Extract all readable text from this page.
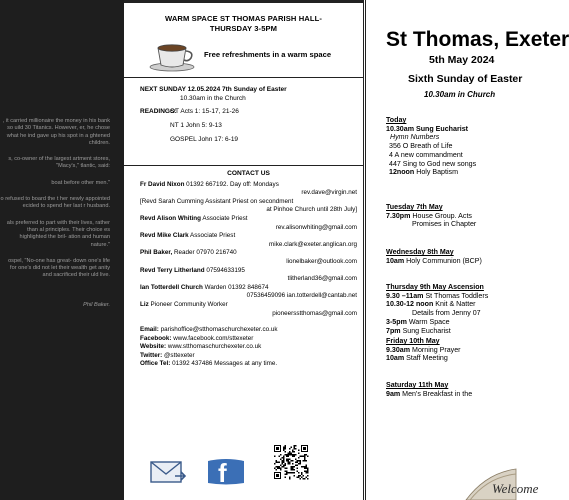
, it carried millionaire the money in his bank so uild 30 Titanics. However, er, he chose what he ind gave up his spot in a ghtened children.

s, co-owner of the largest artment stores, "Macy's," tlantic, said:

boat before other men."

o refused to board the t her newly appointed ecided to spend her last r husband.

als preferred to part with their lives, rather than al principles. Their choice es highlighted the bril- ation and human nature."

ospel, "No-one has great- down one's life for one's did not let their wealth get anity and sacrificed their uld live.

Phil Baker.

WARM SPACE ST THOMAS PARISH HALL-
THURSDAY 3-5PM
Free refreshments in a warm space
NEXT SUNDAY 12.05.2024 7th Sunday of Easter
10.30am in the Church
READINGS:
OT Acts 1: 15-17, 21-26
NT 1 John 5: 9-13
GOSPEL John 17: 6-19
CONTACT US
Fr David Nixon 01392 667192. Day off: Mondays
rev.dave@virgin.net
[Revd Sarah Cumming Assistant Priest on secondment
at Pinhoe Church until 28th July]
Revd Alison Whiting Associate Priest
rev.alisonwhiting@gmail.com
Revd Mike Clark Associate Priest
mike.clark@exeter.anglican.org
Phil Baker, Reader 07970 216740
lionelbaker@outlook.com
Revd Terry Litherland 07594633195
tlitherland36@gmail.com
Ian Totterdell Church Warden 01392 848674
07536459096 ian.totterdell@cantab.net
Liz Pioneer Community Worker
pioneersstthomas@gmail.com
Email: parishoffice@stthomaschurchexeter.co.uk
Facebook: www.facebook.com/sttexeter
Website: www.stthomaschurchexeter.co.uk
Twitter: @sttexeter
Office Tel: 01392 437486 Messages at any time.
f
St Thomas, Exeter
5th May 2024
Sixth Sunday of Easter
10.30am in Church
Today
10.30am Sung Eucharist
Hymn Numbers
356 O Breath of Life
4 A new commandment
447 Sing to God new songs
12noon Holy Baptism
Tuesday 7th May
7.30pm House Group. Acts
Promises in Chapter
Wednesday 8th May
10am Holy Communion (BCP)
Thursday 9th May Ascension
9.30 –11am St Thomas Toddlers
10.30-12 noon Knit & Natter
Details from Jenny 07
3-5pm Warm Space
7pm Sung Eucharist
Friday 10th May
9.30am Morning Prayer
10am Staff Meeting
Saturday 11th May
9am Men's Breakfast in the
Welcome
